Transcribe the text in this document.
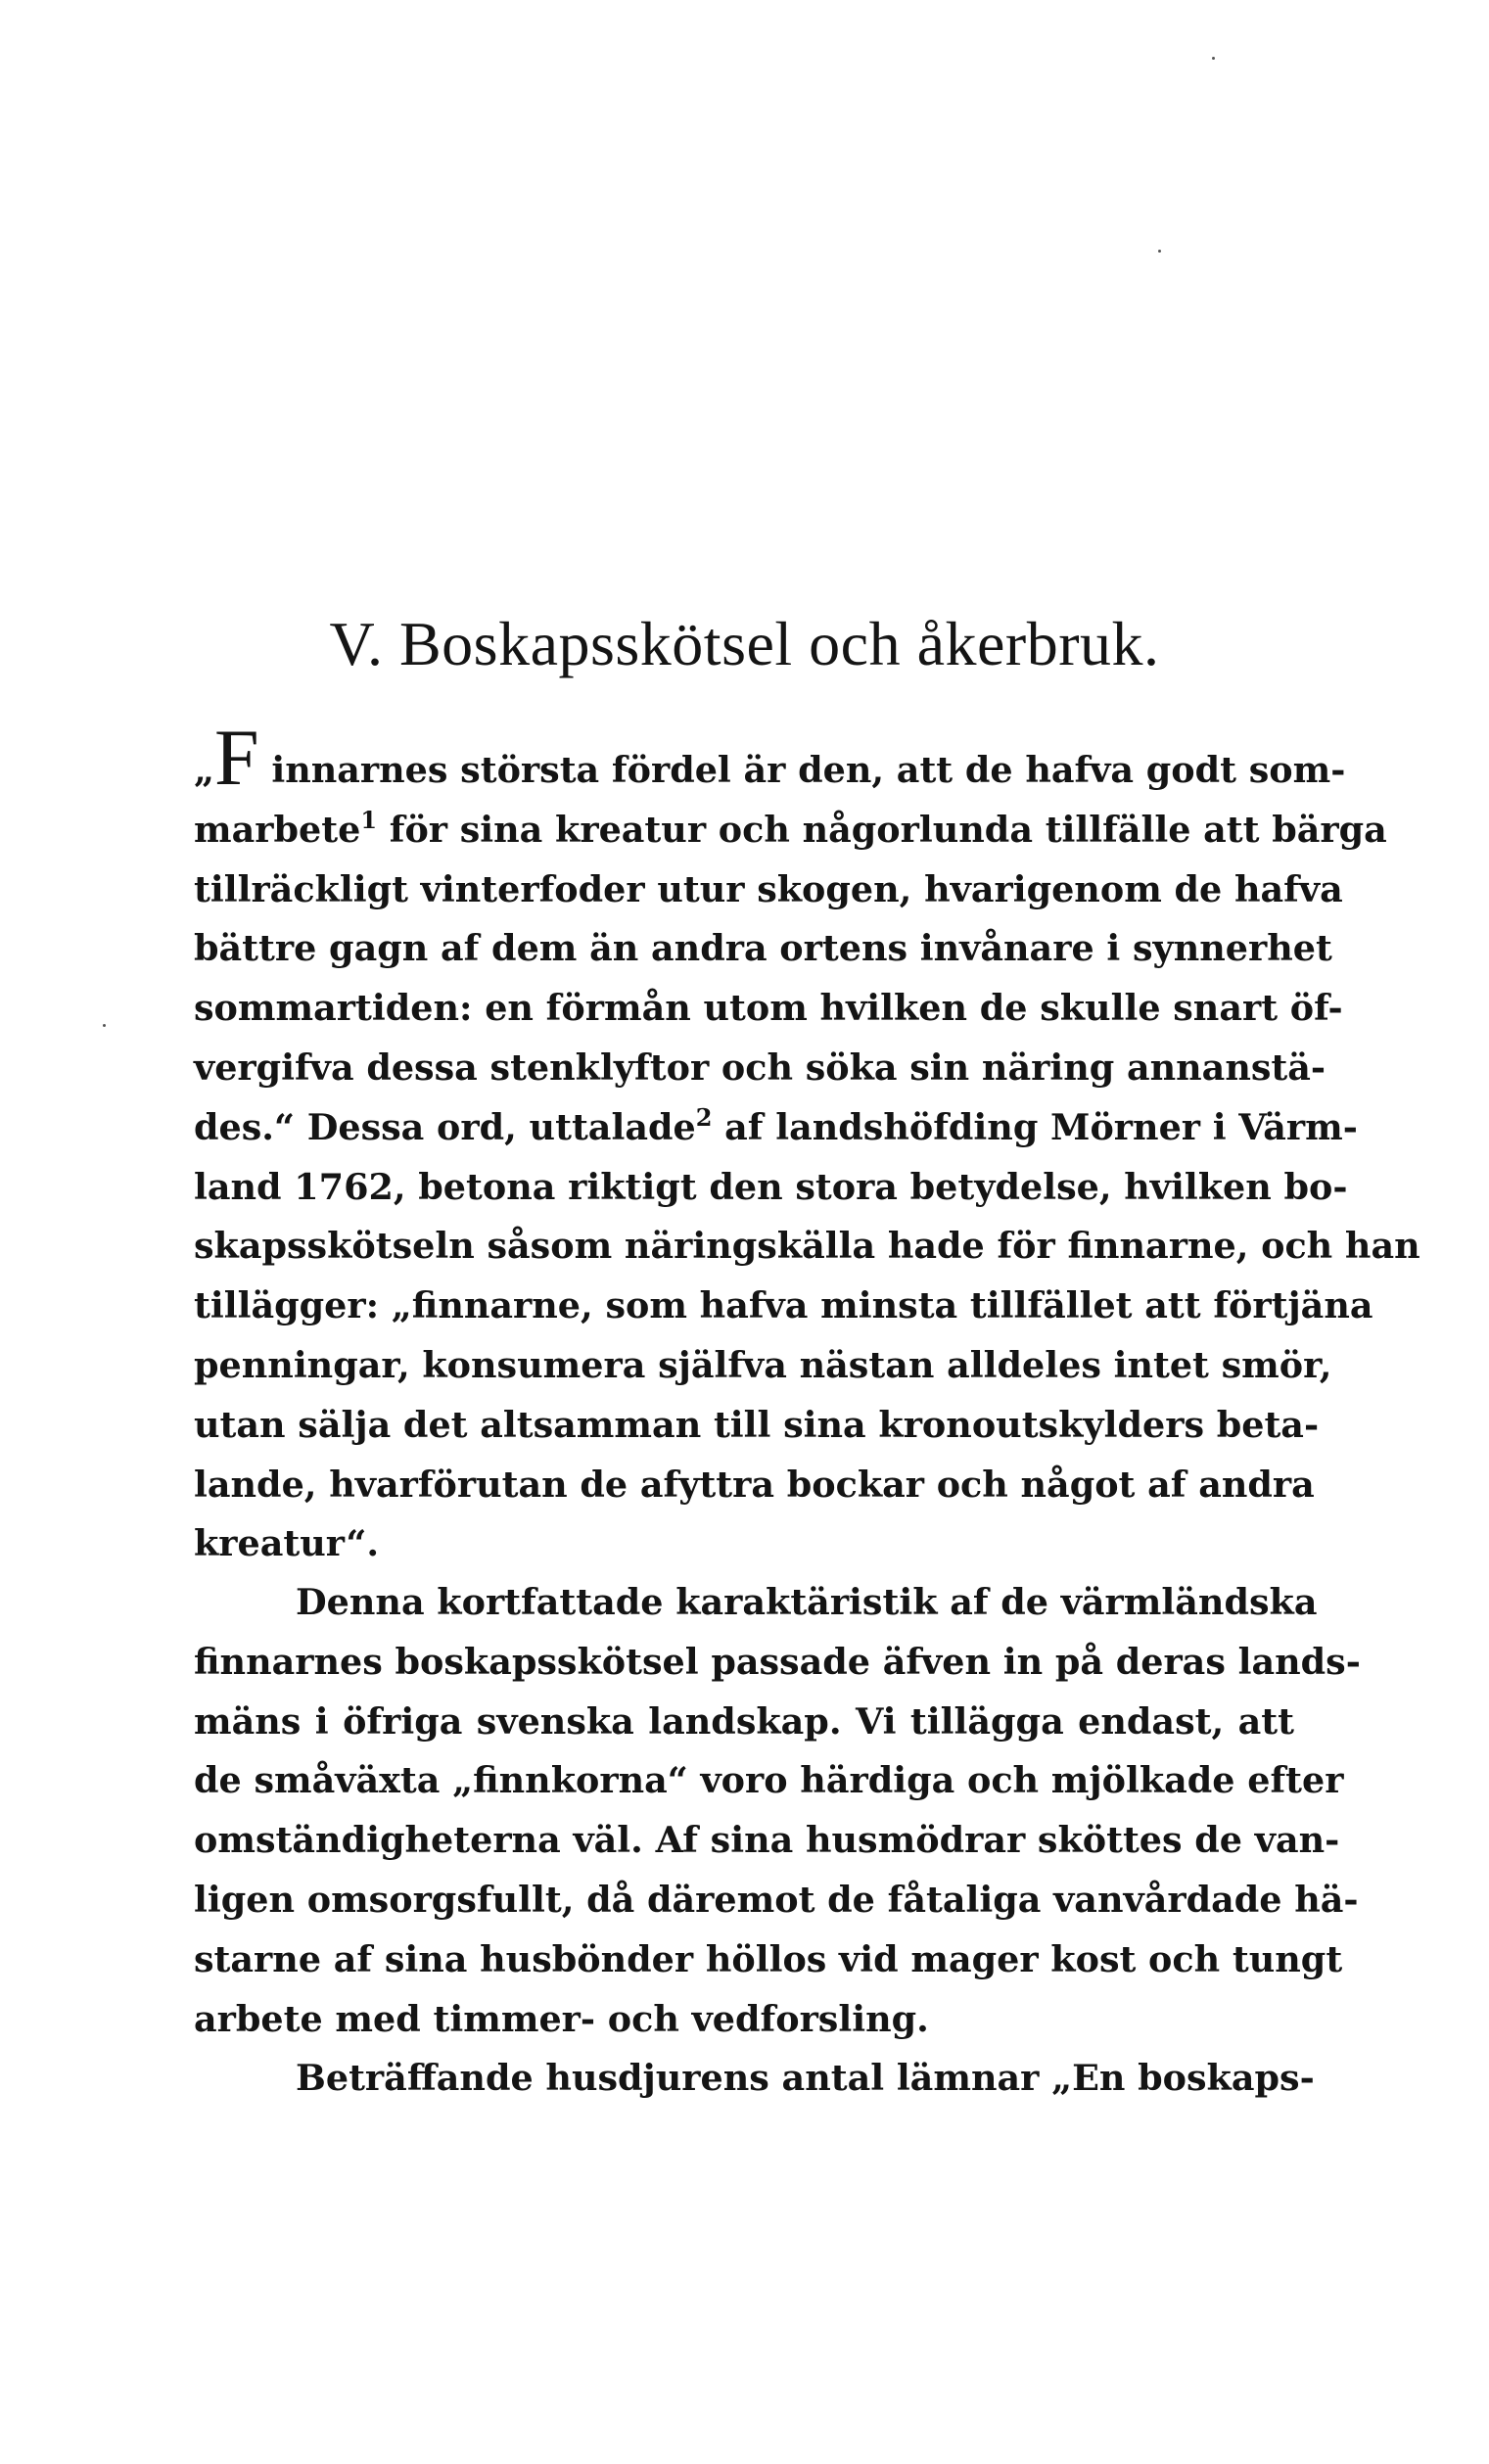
V. Boskapsskötsel och åkerbruk.
„F innarnes största fördel är den, att de hafva godt som-
marbete$^1$ för sina kreatur och någorlunda tillfälle att bärga
tillräckligt vinterfoder utur skogen, hvarigenom de hafva
bättre gagn af dem än andra ortens invånare i synnerhet
sommartiden: en förmån utom hvilken de skulle snart öf-
vergifva dessa stenklyftor och söka sin näring annanstä-
des.“ Dessa ord, uttalade$^2$ af landshöfding Mörner i Värm-
land 1762, betona riktigt den stora betydelse, hvilken bo-
skapsskötseln såsom näringskälla hade för finnarne, och han
tillägger: „finnarne, som hafva minsta tillfället att förtjäna
penningar, konsumera själfva nästan alldeles intet smör,
utan sälja det altsamman till sina kronoutskylders beta-
lande, hvarförutan de afyttra bockar och något af andra
kreatur“.
Denna kortfattade karaktäristik af de värmländska
finnarnes boskapsskötsel passade äfven in på deras lands-
mäns i öfriga svenska landskap. Vi tillägga endast, att
de småväxta „finnkorna“ voro härdiga och mjölkade efter
omständigheterna väl. Af sina husmödrar sköttes de van-
ligen omsorgsfullt, då däremot de fåtaliga vanvårdade hä-
starne af sina husbönder höllos vid mager kost och tungt
arbete med timmer- och vedforsling.
Beträffande husdjurens antal lämnar „En boskaps-
